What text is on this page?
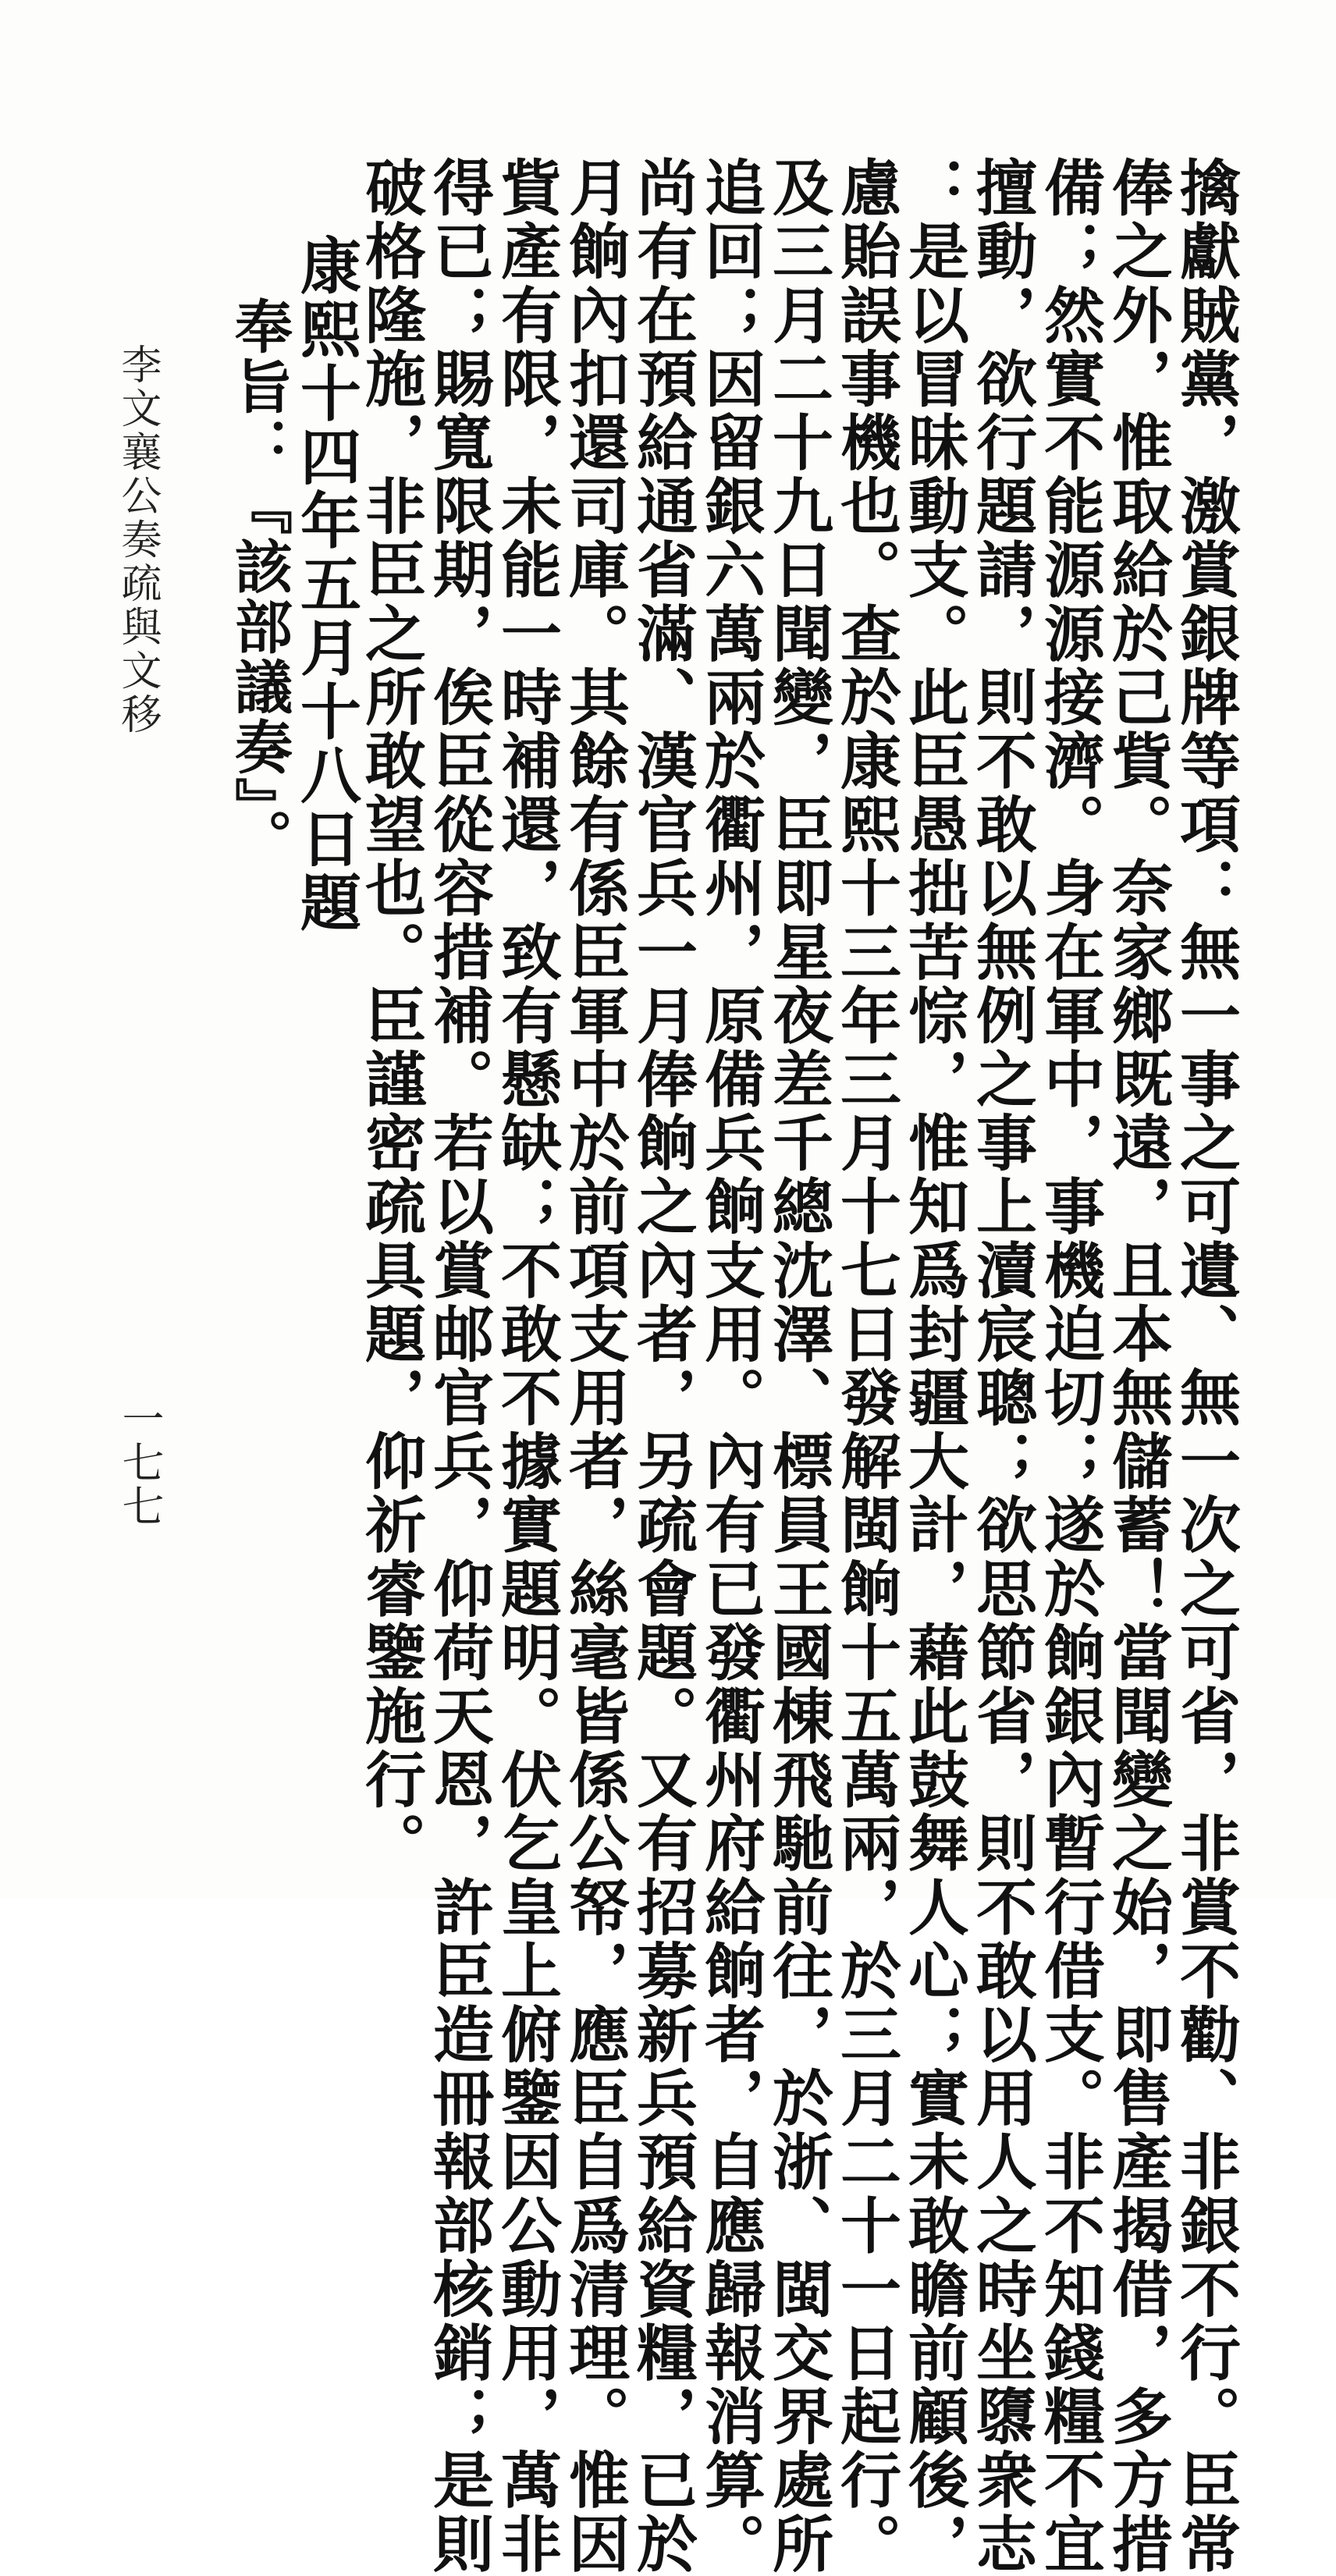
擒獻賊黨，激賞銀牌等項：無一事之可遺、無一次之可省，非賞不勸、非銀不行。臣常
俸之外，惟取給於己貲。奈家鄉既遠，且本無儲蓄！當聞變之始，即售產揭借，多方措
備；然實不能源源接濟。身在軍中，事機迫切；遂於餉銀內暫行借支。非不知錢糧不宜
擅動，欲行題請，則不敢以無例之事上瀆宸聰；欲思節省，則不敢以用人之時坐隳衆志
：是以冒昧動支。此臣愚拙苦悰，惟知爲封疆大計，藉此鼓舞人心；實未敢瞻前顧後，
慮貽誤事機也。查於康熙十三年三月十七日發解閩餉十五萬兩，於三月二十一日起行。
及三月二十九日聞變，臣即星夜差千總沈澤、標員王國棟飛馳前往，於浙、閩交界處所
追回；因留銀六萬兩於衢州，原備兵餉支用。內有已發衢州府給餉者，自應歸報消算。
尚有在預給通省滿、漢官兵一月俸餉之內者，另疏會題。又有招募新兵預給資糧，已於
月餉內扣還司庫。其餘有係臣軍中於前項支用者，絲毫皆係公帑，應臣自爲清理。惟因
貲產有限，未能一時補還，致有懸缺；不敢不據實題明。伏乞皇上俯鑒因公動用，萬非
得已；賜寬限期，俟臣從容措補。若以賞邮官兵，仰荷天恩，許臣造冊報部核銷；是則
破格隆施，非臣之所敢望也。臣謹密疏具題，仰祈睿鑒施行。
康熙十四年五月十八日題
奉旨：『該部議奏』。
李文襄公奏疏與文移
一七七
